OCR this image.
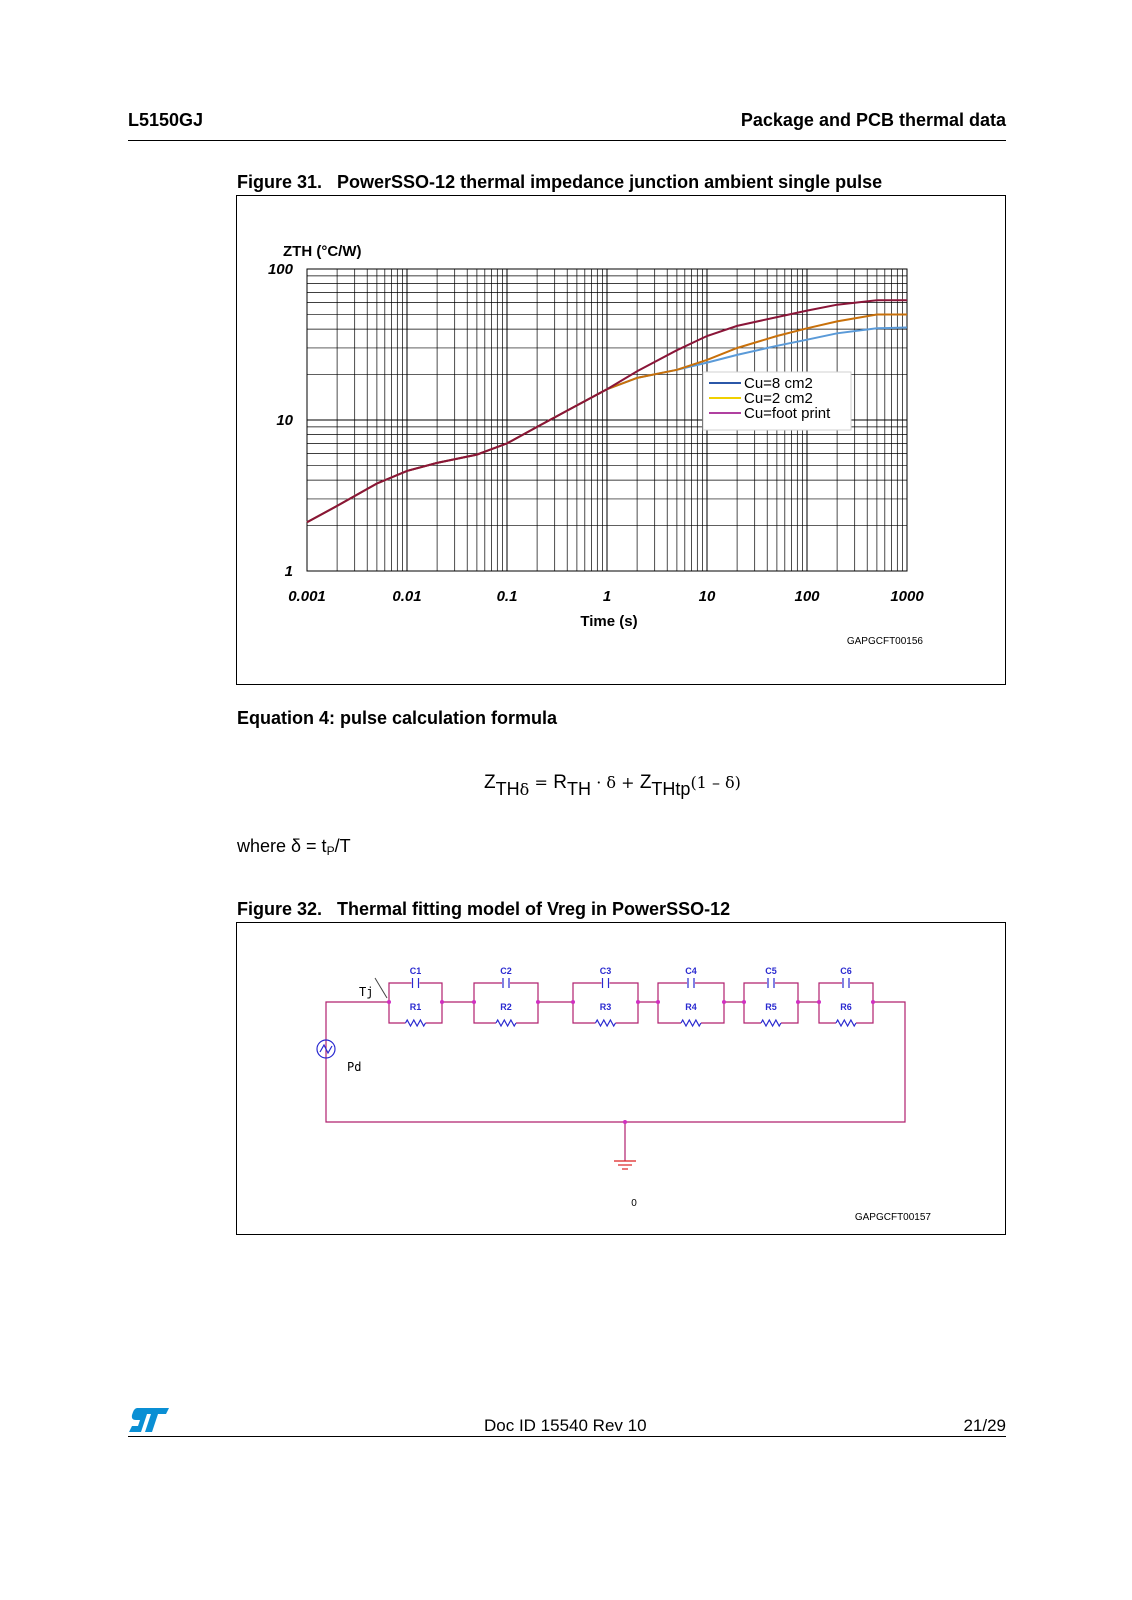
L5150GJ	Package and PCB thermal data
Figure 31.   PowerSSO-12 thermal impedance junction ambient single pulse
ZTH (°C/W)
0.001	0.01	0.1	1	10	100	1000
100
10
1
Cu=8 cm2
Cu=2 cm2
Cu=foot print
Time (s)
GAPGCFT00156
Equation 4: pulse calculation formula
$Z_{TH\delta} = R_{TH} \cdot \delta + Z_{THtp}(1 - \delta)$
where $\delta = t_P/T$
Figure 32.   Thermal fitting model of Vreg in PowerSSO-12
C1
R1
C2
R2
C3
R3
C4
R4
C5
R5
C6
R6
Tj
Pd
0
GAPGCFT00157
Doc ID 15540 Rev 10	21/29
